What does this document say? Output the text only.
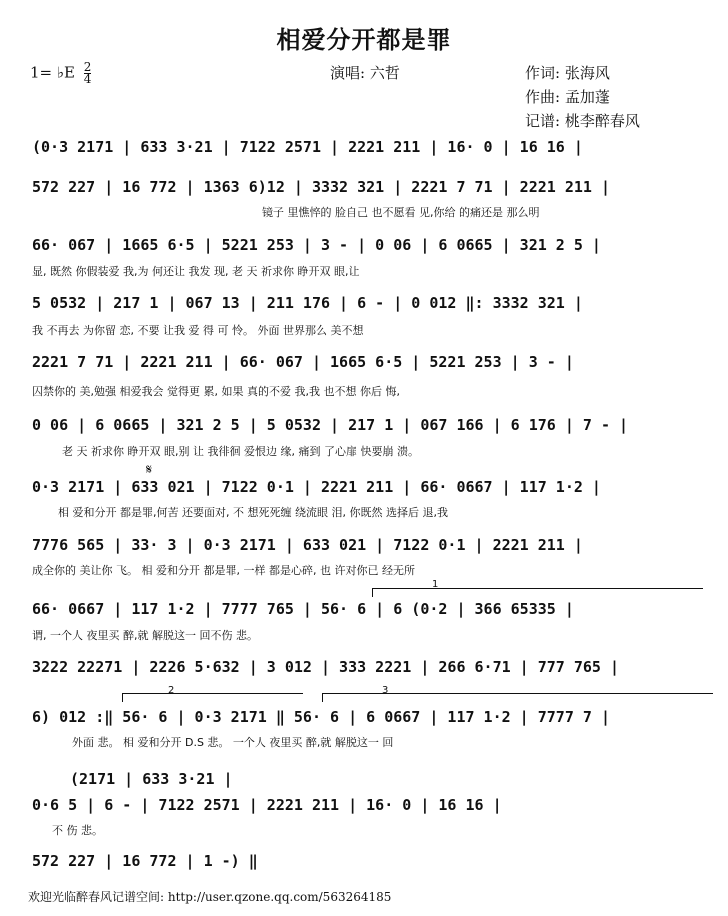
相爱分开都是罪
1= ♭E $\frac{2}{4}$	演唱: 六哲	作词: 张海风
作曲: 孟加蓬
记谱: 桃李醉春风
(0·3 2171 | 633 3·21 | 7122 2571 | 2221 211 | 16· 0 | 16 16 |
572 227 | 16 772 | 1363 6)12 | 3332 321 | 2221 7 71 | 2221 211 |
镜子 里憔悴的 脸自己 也不愿看 见,你给 的痛还是 那么明
66· 067 | 1665 6·5 | 5221 253 | 3 - | 0 06 | 6 0665 | 321 2 5 |
显, 既然 你假装爱 我,为 何还让 我发 现, 老 天 祈求你 睁开双 眼,让
5 0532 | 217 1 | 067 13 | 211 176 | 6 - | 0 012 ‖: 3332 321 |
我 不再去 为你留 恋, 不要 让我 爱 得 可 怜。 外面 世界那么 美不想
2221 7 71 | 2221 211 | 66· 067 | 1665 6·5 | 5221 253 | 3 - |
囚禁你的 美,勉强 相爱我会 觉得更 累, 如果 真的不爱 我,我 也不想 你后 悔,
0 06 | 6 0665 | 321 2 5 | 5 0532 | 217 1 | 067 166 | 6 176 | 7 - |
老 天 祈求你 睁开双 眼,别 让 我徘徊 爱恨边 缘, 痛到 了心扉 快要崩 溃。
𝄋
0·3 2171 | 633 021 | 7122 0·1 | 2221 211 | 66· 0667 | 117 1·2 |
相 爱和分开 都是罪,何苦 还要面对, 不 想死死缠 绕流眼 泪, 你既然 选择后 退,我
7776 565 | 33· 3 | 0·3 2171 | 633 021 | 7122 0·1 | 2221 211 |
成全你的 美让你 飞。 相 爱和分开 都是罪, 一样 都是心碎, 也 许对你已 经无所
1
66· 0667 | 117 1·2 | 7777 765 | 56· 6 | 6 (0·2 | 366 65335 |
谓, 一个人 夜里买 醉,就 解脱这一 回不伤 悲。
3222 22271 | 2226 5·632 | 3 012 | 333 2221 | 266 6·71 | 777 765 |
2	3
6) 012 :‖ 56· 6 | 0·3 2171 ‖ 56· 6 | 6 0667 | 117 1·2 | 7777 7 |
外面 悲。 相 爱和分开 D.S 悲。 一个人 夜里买 醉,就 解脱这一 回
(2171 | 633 3·21 |
0·6 5 | 6 - | 7122 2571 | 2221 211 | 16· 0 | 16 16 |
不 伤 悲。
572 227 | 16 772 | 1 -) ‖
欢迎光临醉春风记谱空间: http://user.qzone.qq.com/563264185
